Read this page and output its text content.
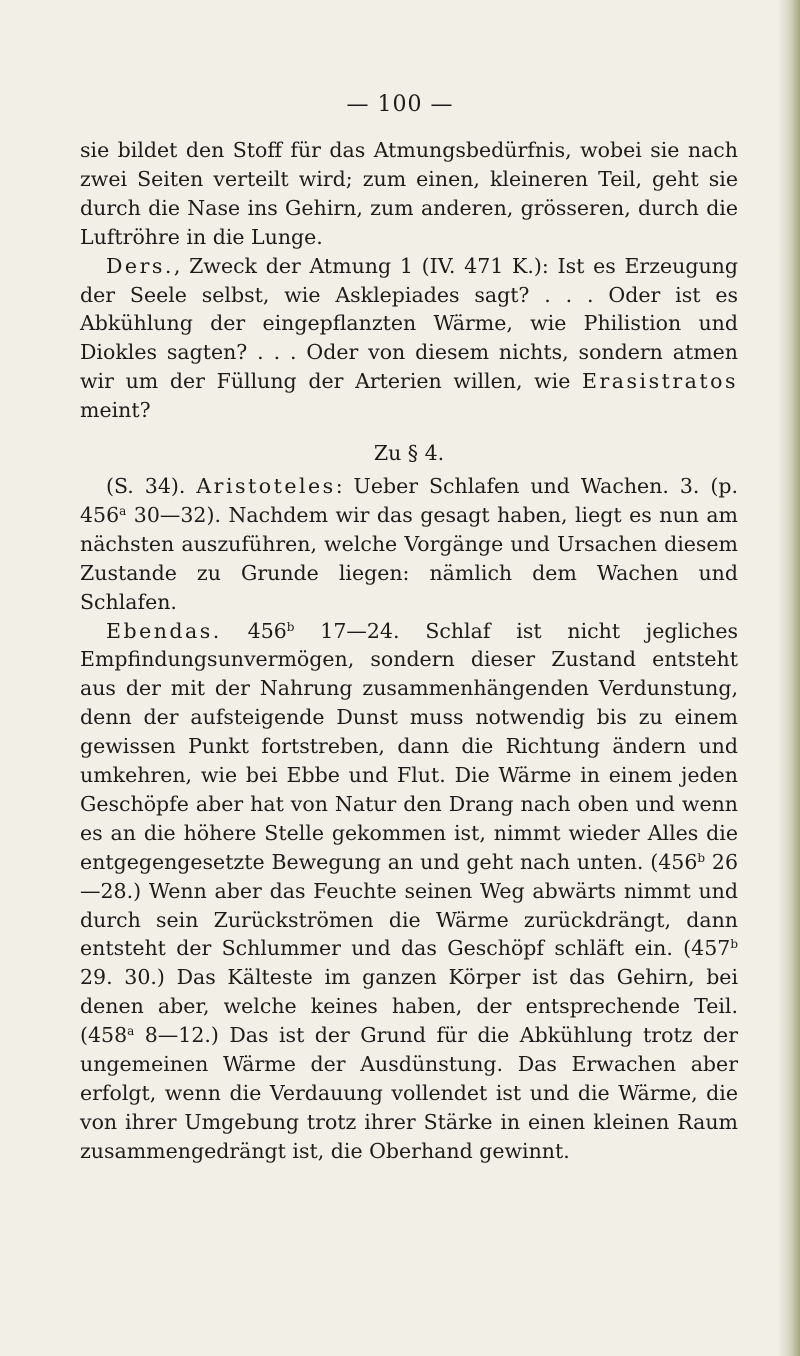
— 100 —

sie bildet den Stoff für das Atmungsbedürfnis, wobei sie nach zwei Seiten verteilt wird; zum einen, kleineren Teil, geht sie durch die Nase ins Gehirn, zum anderen, grösseren, durch die Luftröhre in die Lunge.

Ders., Zweck der Atmung 1 (IV. 471 K.): Ist es Erzeugung der Seele selbst, wie Asklepiades sagt? . . . Oder ist es Abkühlung der eingepflanzten Wärme, wie Philistion und Diokles sagten? . . . Oder von diesem nichts, sondern atmen wir um der Füllung der Arterien willen, wie Erasistratos meint?

Zu § 4.

(S. 34). Aristoteles: Ueber Schlafen und Wachen. 3. (p. 456$^a$ 30—32). Nachdem wir das gesagt haben, liegt es nun am nächsten auszuführen, welche Vorgänge und Ursachen diesem Zustande zu Grunde liegen: nämlich dem Wachen und Schlafen.

Ebendas. 456$^b$ 17—24. Schlaf ist nicht jegliches Empfindungsunvermögen, sondern dieser Zustand entsteht aus der mit der Nahrung zusammenhängenden Verdunstung, denn der aufsteigende Dunst muss notwendig bis zu einem gewissen Punkt fortstreben, dann die Richtung ändern und umkehren, wie bei Ebbe und Flut. Die Wärme in einem jeden Geschöpfe aber hat von Natur den Drang nach oben und wenn es an die höhere Stelle gekommen ist, nimmt wieder Alles die entgegengesetzte Bewegung an und geht nach unten. (456$^b$ 26—28.) Wenn aber das Feuchte seinen Weg abwärts nimmt und durch sein Zurückströmen die Wärme zurückdrängt, dann entsteht der Schlummer und das Geschöpf schläft ein. (457$^b$ 29. 30.) Das Kälteste im ganzen Körper ist das Gehirn, bei denen aber, welche keines haben, der entsprechende Teil. (458$^a$ 8—12.) Das ist der Grund für die Abkühlung trotz der ungemeinen Wärme der Ausdünstung. Das Erwachen aber erfolgt, wenn die Verdauung vollendet ist und die Wärme, die von ihrer Umgebung trotz ihrer Stärke in einen kleinen Raum zusammengedrängt ist, die Oberhand gewinnt.
